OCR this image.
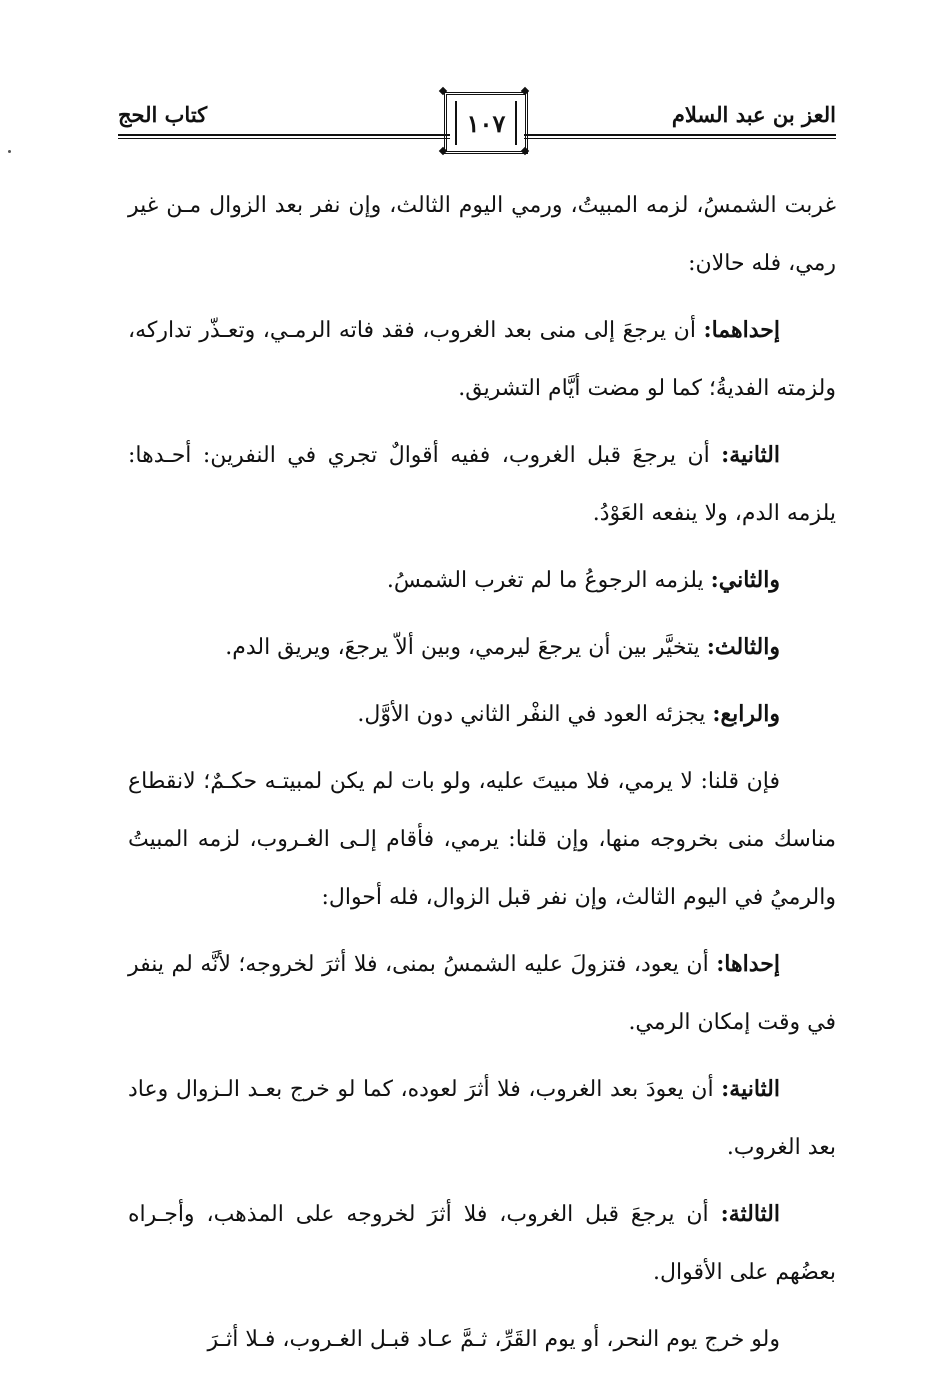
كتاب الحج	العز بن عبد السلام
١٠٧

غربت الشمسُ، لزمه المبيتُ، ورمي اليوم الثالث، وإن نفر بعد الزوال مـن غير رمي، فله حالان:

إحداهما: أن يرجعَ إلى منى بعد الغروب، فقد فاته الرمـي، وتعـذّر تداركه، ولزمته الفديةُ؛ كما لو مضت أيَّام التشريق.

الثانية: أن يرجعَ قبل الغروب، ففيه أقوالٌ تجري في النفرين: أحـدها: يلزمه الدم، ولا ينفعه العَوْدُ.

والثاني: يلزمه الرجوعُ ما لم تغرب الشمسُ.

والثالث: يتخيَّر بين أن يرجعَ ليرمي، وبين ألاّ يرجعَ، ويريق الدم.

والرابع: يجزئه العود في النفْر الثاني دون الأوَّل.

فإن قلنا: لا يرمي، فلا مبيتَ عليه، ولو بات لم يكن لمبيتـه حكـمٌ؛ لانقطاع مناسك منى بخروجه منها، وإن قلنا: يرمي، فأقام إلـى الغـروب، لزمه المبيتُ والرميُ في اليوم الثالث، وإن نفر قبل الزوال، فله أحوال:

إحداها: أن يعود، فتزولَ عليه الشمسُ بمنى، فلا أثرَ لخروجه؛ لأنَّه لم ينفر في وقت إمكان الرمي.

الثانية: أن يعودَ بعد الغروب، فلا أثرَ لعوده، كما لو خرج بعـد الـزوال وعاد بعد الغروب.

الثالثة: أن يرجعَ قبل الغروب، فلا أثرَ لخروجه على المذهب، وأجـراه بعضُهم على الأقوال.

ولو خرج يوم النحر، أو يوم القَرِّ، ثـمَّ عـاد قبـل الغـروب، فـلا أثـرَ
